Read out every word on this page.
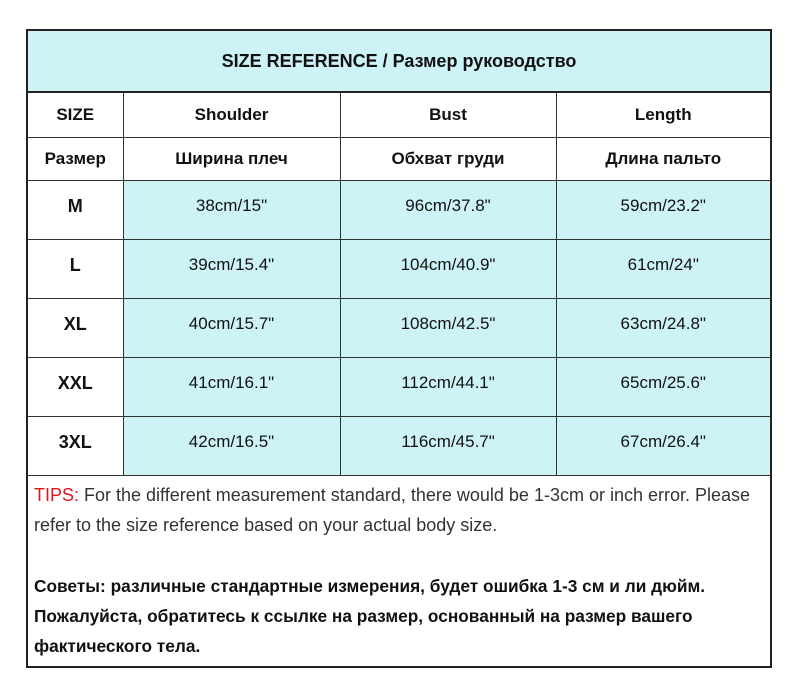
SIZE REFERENCE / Размер руководство
SIZE	Shoulder	Bust	Length
Размер	Ширина плеч	Обхват груди	Длина пальто
M	38cm/15"	96cm/37.8"	59cm/23.2"
L	39cm/15.4"	104cm/40.9"	61cm/24"
XL	40cm/15.7"	108cm/42.5"	63cm/24.8"
XXL	41cm/16.1"	112cm/44.1"	65cm/25.6"
3XL	42cm/16.5"	116cm/45.7"	67cm/26.4"
TIPS: For the different measurement standard, there would be 1-3cm or inch error. Please refer to the size reference based on your actual body size.
Советы: различные стандартные измерения, будет ошибка 1-3 см и ли дюйм. Пожалуйста, обратитесь к ссылке на размер, основанный на размер вашего фактического тела.
